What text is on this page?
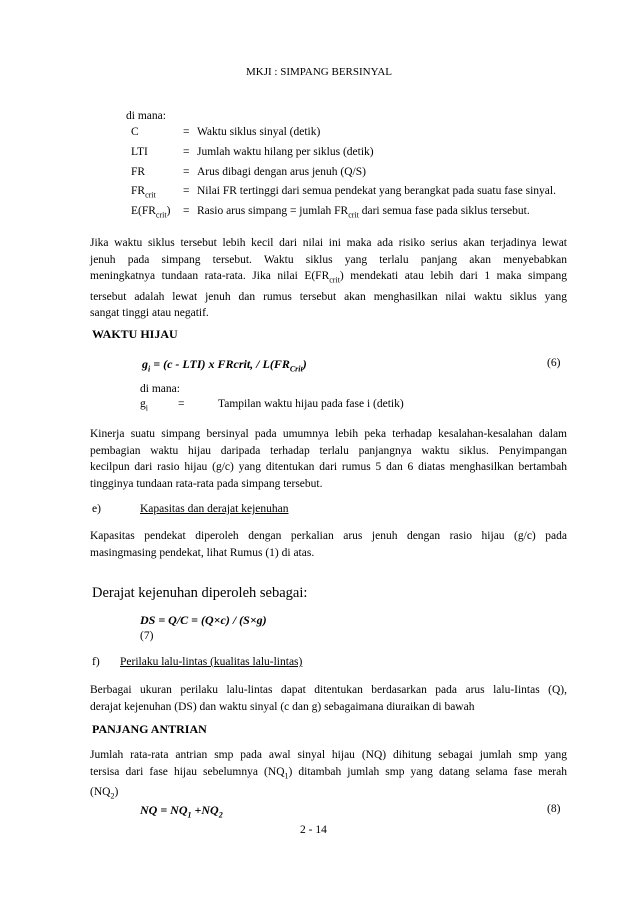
MKJI : SIMPANG BERSINYAL
di mana:
C	= Waktu siklus sinyal (detik)
LTI	= Jumlah waktu hilang per siklus (detik)
FR	= Arus dibagi dengan arus jenuh (Q/S)
$FR_{crit}$ = Nilai FR tertinggi dari semua pendekat yang berangkat pada suatu fase sinyal.
$E(FR_{crit})$ = Rasio arus simpang = jumlah $FR_{crit}$ dari semua fase pada siklus tersebut.
Jika waktu siklus tersebut lebih kecil dari nilai ini maka ada risiko serius akan terjadinya lewat
jenuh pada simpang tersebut. Waktu siklus yang terlalu panjang akan menyebabkan
meningkatnya tundaan rata-rata. Jika nilai $E(FR_{crit})$ mendekati atau lebih dari 1 maka simpang
tersebut adalah lewat jenuh dan rumus tersebut akan menghasilkan nilai waktu siklus yang
sangat tinggi atau negatif.
WAKTU HIJAU
$g_i = (c - LTI)$ x FRcrit, / $L(FR_{Crit})$	(6)
di mana:
$g_i$	=	Tampilan waktu hijau pada fase i (detik)
Kinerja suatu simpang bersinyal pada umumnya lebih peka terhadap kesalahan-kesalahan dalam
pembagian waktu hijau daripada terhadap terlalu panjangnya waktu siklus. Penyimpangan
kecilpun dari rasio hijau (g/c) yang ditentukan dari rumus 5 dan 6 diatas menghasilkan bertambah
tingginya tundaan rata-rata pada simpang tersebut.
e)	Kapasitas dan derajat kejenuhan
Kapasitas pendekat diperoleh dengan perkalian arus jenuh dengan rasio hijau (g/c) pada
masingmasing pendekat, lihat Rumus (1) di atas.
Derajat kejenuhan diperoleh sebagai:
DS = Q/C = (Q×c) / (S×g)
(7)
f) Perilaku lalu-lintas (kualitas lalu-lintas)
Berbagai ukuran perilaku lalu-lintas dapat ditentukan berdasarkan pada arus lalu-Iintas (Q),
derajat kejenuhan (DS) dan waktu sinyal (c dan g) sebagaimana diuraikan di bawah
PANJANG ANTRIAN
Jumlah rata-rata antrian smp pada awal sinyal hijau (NQ) dihitung sebagai jumlah smp yang
tersisa dari fase hijau sebelumnya $(NQ_1)$ ditambah jumlah smp yang datang selama fase merah
$(NQ_2)$
NQ = $NQ_1 +NQ_2$	(8)
2 - 14
